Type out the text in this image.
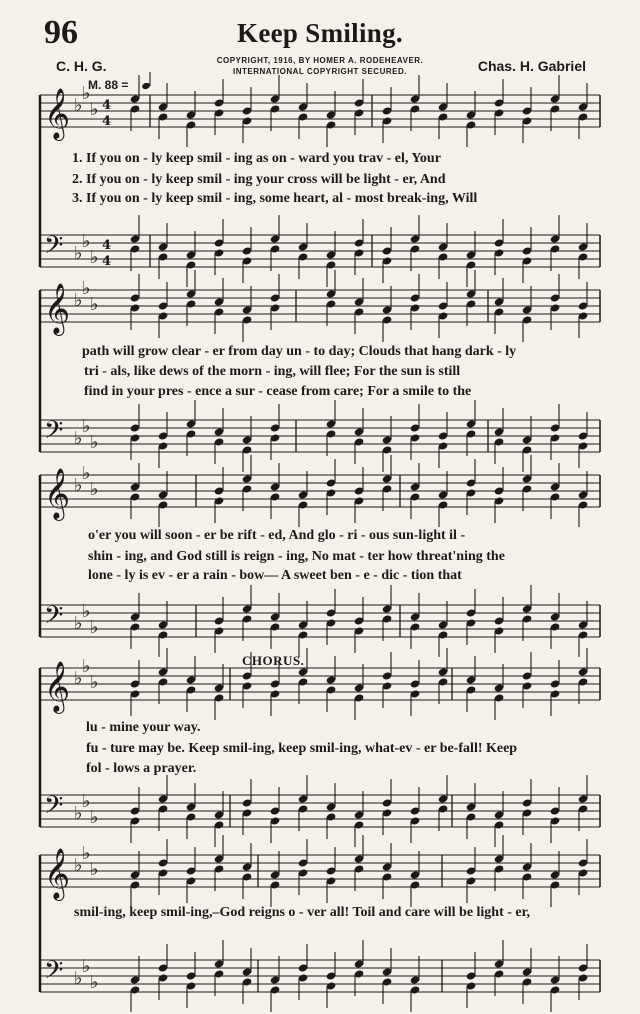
96	Keep Smiling.
C. H. G.	Chas. H. Gabriel
COPYRIGHT, 1916, BY HOMER A. RODEHEAVER.
INTERNATIONAL COPYRIGHT SECURED.
M. 88 =
CHORUS.
𝄞 ♭
♭
♭ 4
4
𝄢 ♭
♭
♭
4
4
𝄞 ♭
♭
♭
𝄢 ♭
♭
♭
𝄞 ♭
♭
♭
𝄢 ♭
♭
♭
𝄞 ♭
♭
♭
𝄢 ♭
♭
♭
𝄞 ♭
♭
♭
𝄢 ♭
♭
♭
1. If you on - ly keep smil - ing as on - ward you trav - el, Your
2. If you on - ly keep smil - ing your cross will be light - er, And
3. If you on - ly keep smil - ing, some heart, al - most break-ing, Will
path will grow clear - er from day un - to day; Clouds that hang dark - ly
tri - als, like dews of the morn - ing, will flee; For the sun is still
find in your pres - ence a sur - cease from care; For a smile to the
o'er you will soon - er be rift - ed, And glo - ri - ous sun-light il -
shin - ing, and God still is reign - ing, No mat - ter how threat'ning the
lone - ly is ev - er a rain - bow— A sweet ben - e - dic - tion that
lu - mine your way.
fu - ture may be. Keep smil-ing, keep smil-ing, what-ev - er be-fall! Keep
fol - lows a prayer.
smil-ing, keep smil-ing,–God reigns o - ver all! Toil and care will be light - er,
